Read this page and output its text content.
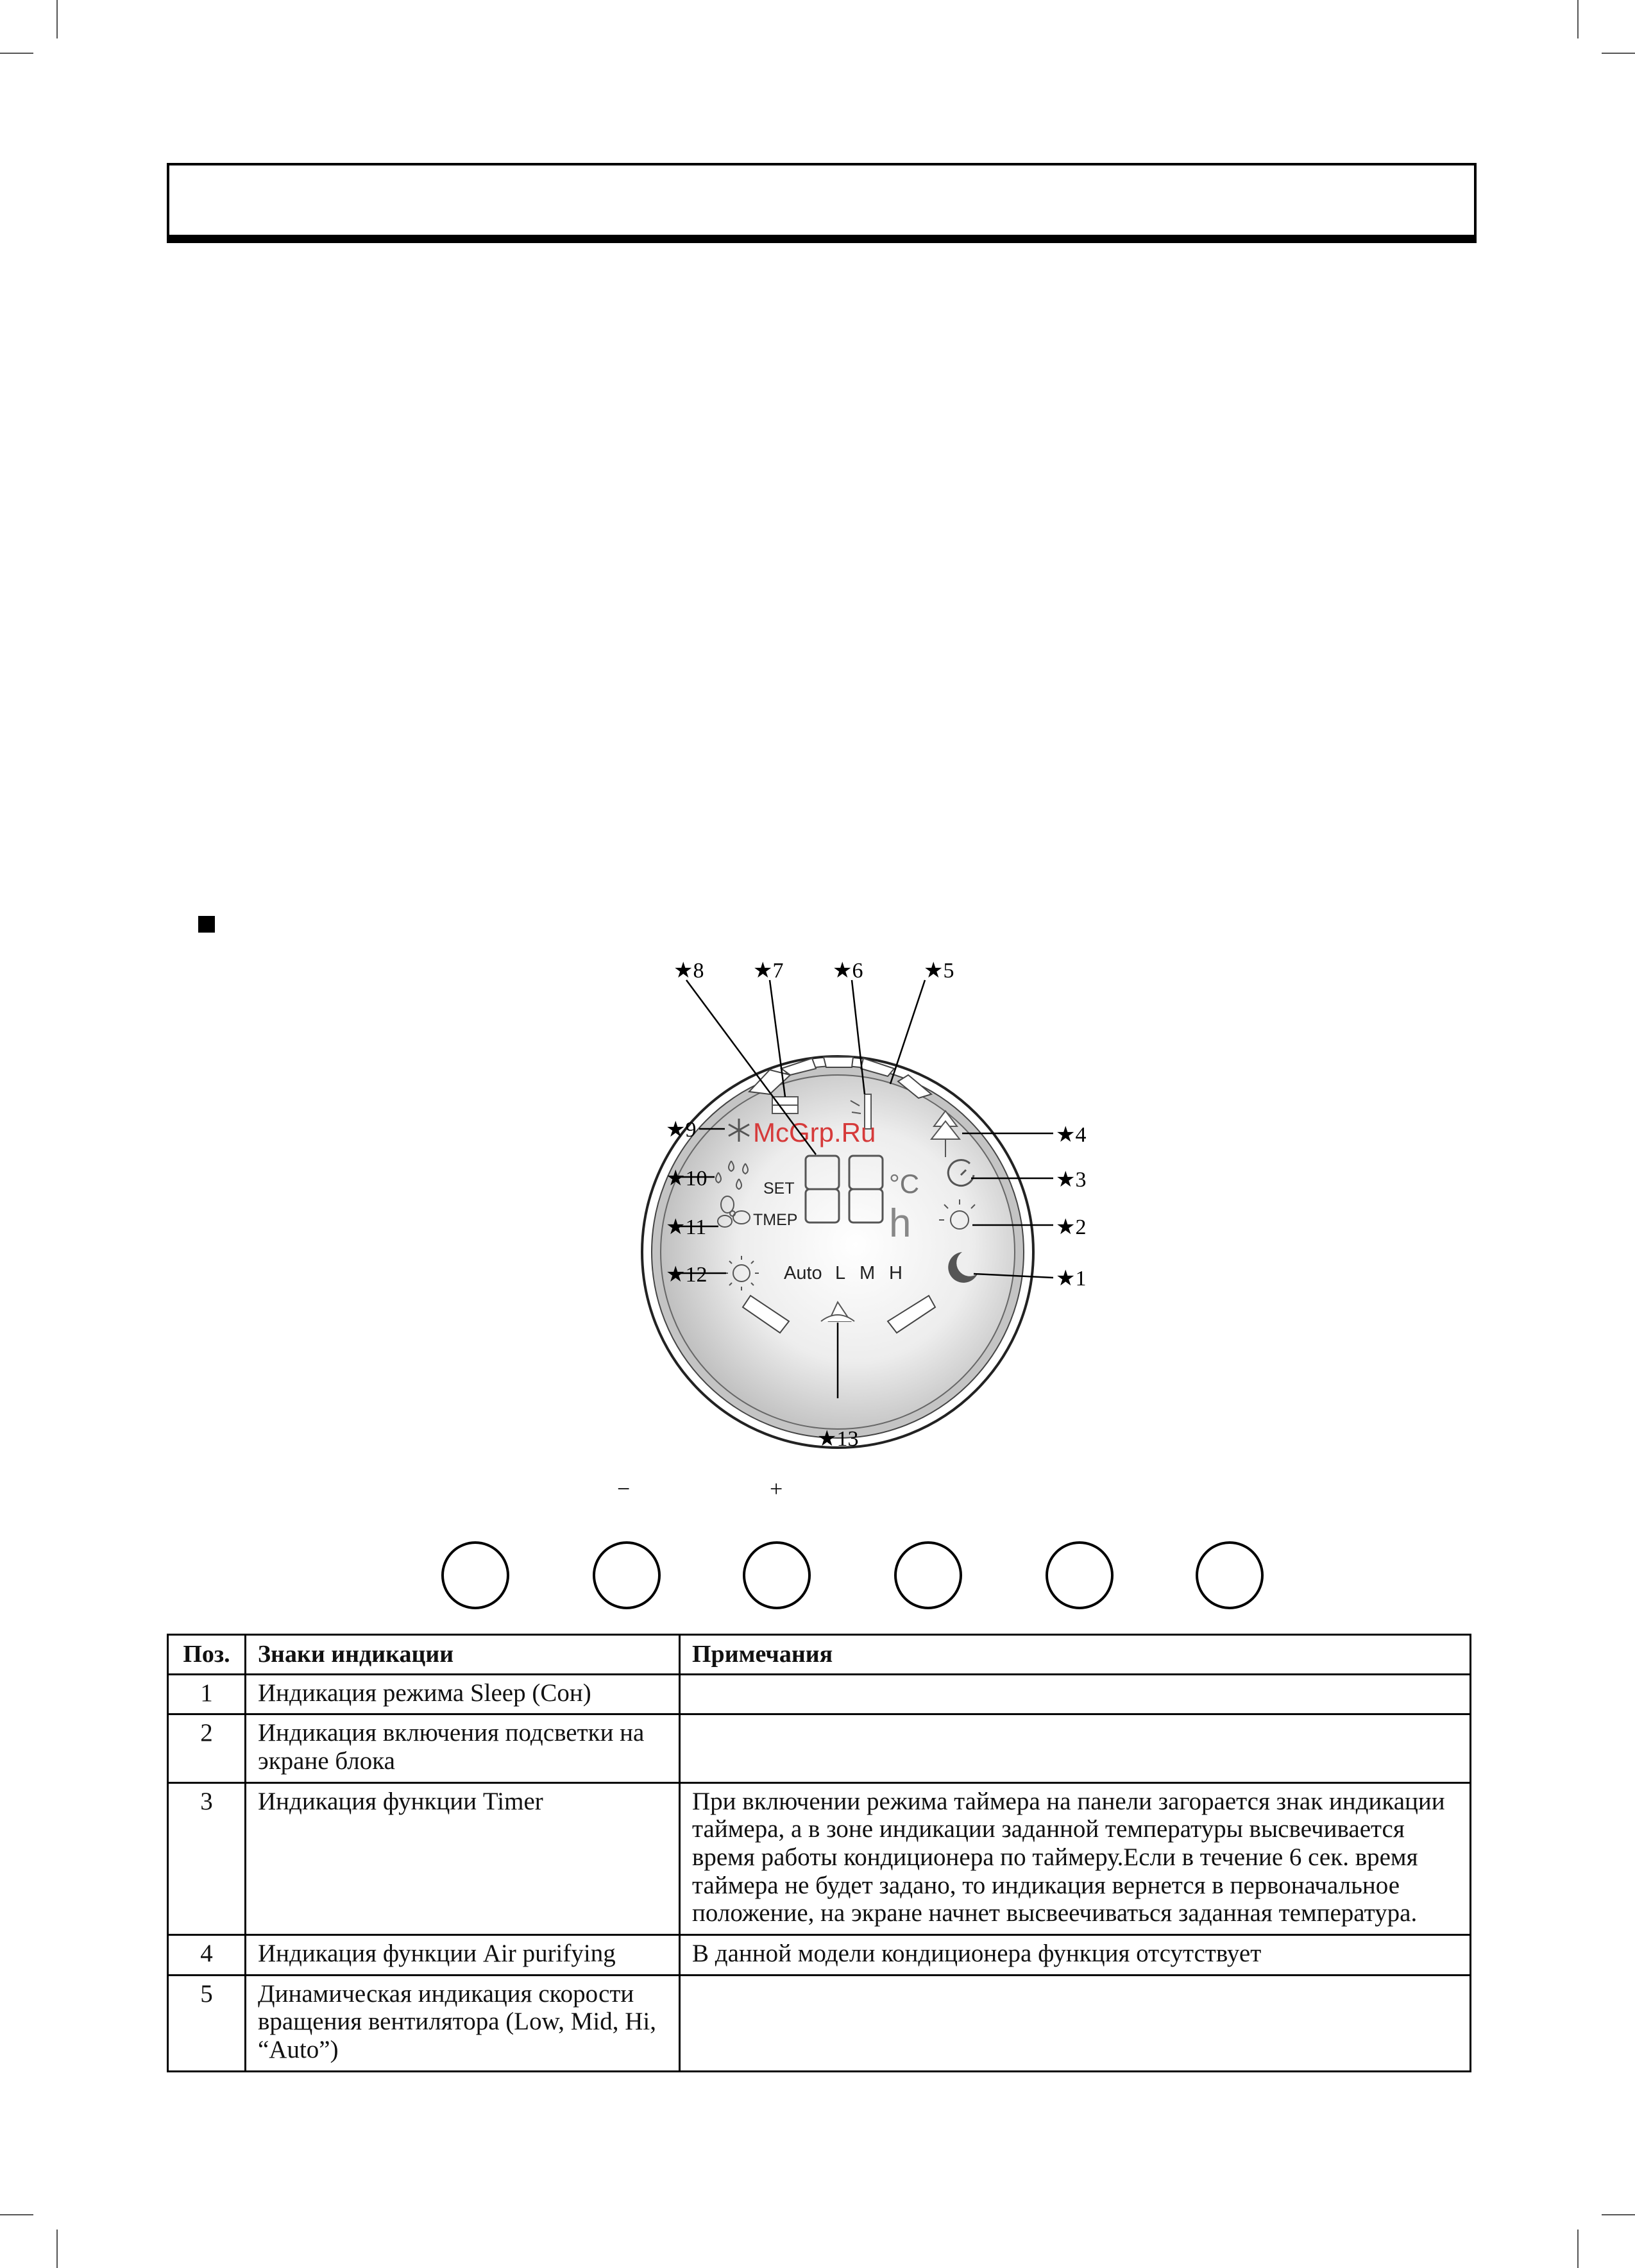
SET
TMEP
°C
h
Auto L M H
McGrp.Ru
★8 ★7 ★6	★5
★9
★10
★11
★12
★4
★3
★2
★1
★13
−	+
Поз.	Знаки индикации	Примечания
1	Индикация режима Sleep (Сон)	
2	Индикация включения подсветки на экране блока	
3	Индикация функции Timer	При включении режима таймера на панели загорается знак индикации таймера, а в зоне индикации заданной температуры высвечивается время работы кондиционера по таймеру.Если в течение 6 сек. время таймера не будет задано, то индикация вернется в первоначальное положение, на экране начнет высвеечиваться заданная температура.
4	Индикация функции Air purifying	В данной модели кондиционера функция отсутствует
5	Динамическая индикация скорости вращения вентилятора (Low, Mid, Hi, “Auto”)	
